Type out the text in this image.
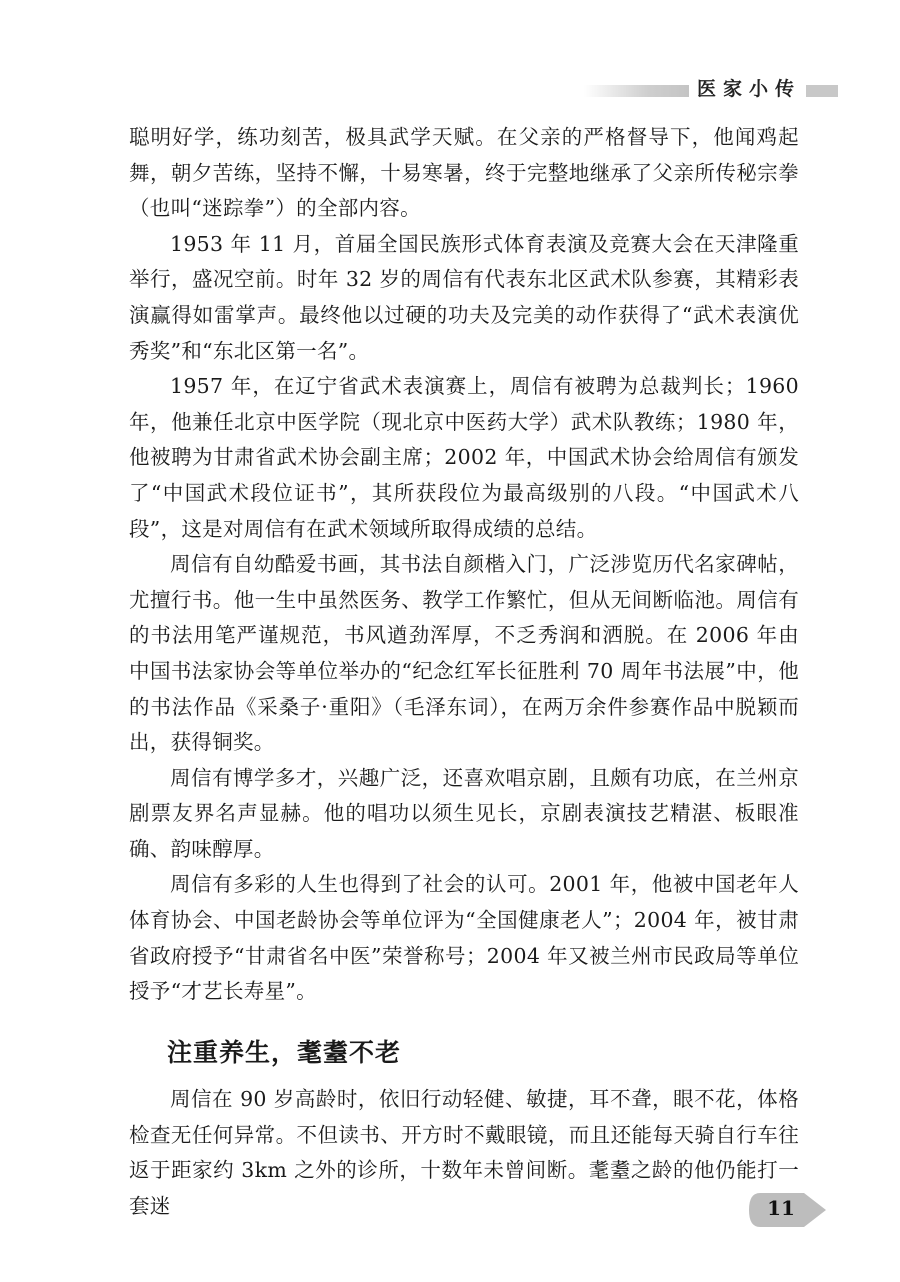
医家小传

聪明好学，练功刻苦，极具武学天赋。在父亲的严格督导下，他闻鸡起舞，朝夕苦练，坚持不懈，十易寒暑，终于完整地继承了父亲所传秘宗拳（也叫“迷踪拳”）的全部内容。

1953 年 11 月，首届全国民族形式体育表演及竞赛大会在天津隆重举行，盛况空前。时年 32 岁的周信有代表东北区武术队参赛，其精彩表演赢得如雷掌声。最终他以过硬的功夫及完美的动作获得了“武术表演优秀奖”和“东北区第一名”。

1957 年，在辽宁省武术表演赛上，周信有被聘为总裁判长；1960 年，他兼任北京中医学院（现北京中医药大学）武术队教练；1980 年，他被聘为甘肃省武术协会副主席；2002 年，中国武术协会给周信有颁发了“中国武术段位证书”，其所获段位为最高级别的八段。“中国武术八段”，这是对周信有在武术领域所取得成绩的总结。

周信有自幼酷爱书画，其书法自颜楷入门，广泛涉览历代名家碑帖，尤擅行书。他一生中虽然医务、教学工作繁忙，但从无间断临池。周信有的书法用笔严谨规范，书风遒劲浑厚，不乏秀润和洒脱。在 2006 年由中国书法家协会等单位举办的“纪念红军长征胜利 70 周年书法展”中，他的书法作品《采桑子·重阳》（毛泽东词），在两万余件参赛作品中脱颖而出，获得铜奖。

周信有博学多才，兴趣广泛，还喜欢唱京剧，且颇有功底，在兰州京剧票友界名声显赫。他的唱功以须生见长，京剧表演技艺精湛、板眼准确、韵味醇厚。

周信有多彩的人生也得到了社会的认可。2001 年，他被中国老年人体育协会、中国老龄协会等单位评为“全国健康老人”；2004 年，被甘肃省政府授予“甘肃省名中医”荣誉称号；2004 年又被兰州市民政局等单位授予“才艺长寿星”。

注重养生，耄耋不老

周信在 90 岁高龄时，依旧行动轻健、敏捷，耳不聋，眼不花，体格检查无任何异常。不但读书、开方时不戴眼镜，而且还能每天骑自行车往返于距家约 3km 之外的诊所，十数年未曾间断。耄耋之龄的他仍能打一套迷	11
